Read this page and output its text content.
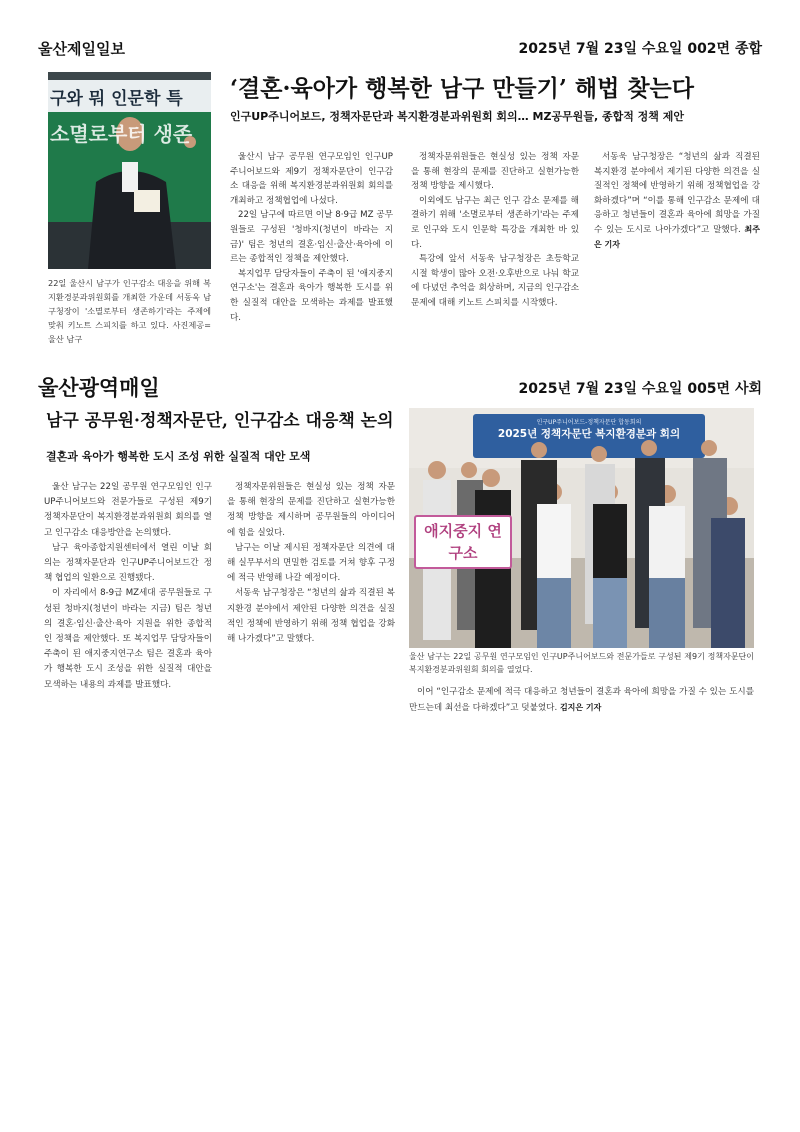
울산제일일보	2025년 7월 23일 수요일 002면 종합
구와 뭐 인문학 특
소멸로부터 생존
22일 울산시 남구가 인구감소 대응을 위해 복지환경분과위원회를 개최한 가운데 서동욱 남구청장이 '소멸로부터 생존하기'라는 주제에 맞춰 키노트 스피치를 하고 있다. 사진제공=울산 남구
‘결혼·육아가 행복한 남구 만들기’ 해법 찾는다
인구UP주니어보드, 정책자문단과 복지환경분과위원회 회의… MZ공무원들, 종합적 정책 제안

울산시 남구 공무원 연구모임인 인구UP주니어보드와 제9기 정책자문단이 인구감소 대응을 위해 복지환경분과위원회 회의를 개최하고 정책협업에 나섰다.

22일 남구에 따르면 이날 8·9급 MZ 공무원들로 구성된 '청바지(청년이 바라는 지금)' 팀은 청년의 결혼·임신·출산·육아에 이르는 종합적인 정책을 제안했다.

복지업무 담당자들이 주축이 된 '애지중지연구소'는 결혼과 육아가 행복한 도시를 위한 실질적 대안을 모색하는 과제를 발표했다.

정책자문위원들은 현실성 있는 정책 자문을 통해 현장의 문제를 진단하고 실현가능한 정책 방향을 제시했다.

이외에도 남구는 최근 인구 감소 문제를 해결하기 위해 '소멸로부터 생존하기'라는 주제로 인구와 도시 인문학 특강을 개최한 바 있다.

특강에 앞서 서동욱 남구청장은 초등학교 시절 학생이 많아 오전·오후반으로 나눠 학교에 다녔던 추억을 회상하며, 지금의 인구감소 문제에 대해 키노트 스피치를 시작했다.

서동욱 남구청장은 “청년의 삶과 직결된 복지환경 분야에서 제기된 다양한 의견을 실질적인 정책에 반영하기 위해 정책협업을 강화하겠다”며 “이를 통해 인구감소 문제에 대응하고 청년들이 결혼과 육아에 희망을 가질 수 있는 도시로 나아가겠다”고 말했다. 최주은 기자

울산광역매일	2025년 7월 23일 수요일 005면 사회
남구 공무원·정책자문단, 인구감소 대응책 논의
결혼과 육아가 행복한 도시 조성 위한 실질적 대안 모색

울산 남구는 22일 공무원 연구모임인 인구UP주니어보드와 전문가들로 구성된 제9기 정책자문단이 복지환경분과위원회 회의를 열고 인구감소 대응방안을 논의했다.

남구 육아종합지원센터에서 열린 이날 회의는 정책자문단과 인구UP주니어보드간 정책 협업의 일환으로 진행됐다.

이 자리에서 8-9급 MZ세대 공무원들로 구성된 청바지(청년이 바라는 지금) 팀은 청년의 결혼·임신·출산·육아 지원을 위한 종합적인 정책을 제안했다. 또 복지업무 담당자들이 주축이 된 애지중지연구소 팀은 결혼과 육아가 행복한 도시 조성을 위한 실질적 대안을 모색하는 내용의 과제를 발표했다.

정책자문위원들은 현실성 있는 정책 자문을 통해 현장의 문제를 진단하고 실현가능한 정책 방향을 제시하며 공무원들의 아이디어에 힘을 실었다.

남구는 이날 제시된 정책자문단 의견에 대해 실무부서의 면밀한 검토를 거쳐 향후 구정에 적극 반영해 나갈 예정이다.

서동욱 남구청장은 “청년의 삶과 직결된 복지환경 분야에서 제안된 다양한 의견을 실질적인 정책에 반영하기 위해 정책 협업을 강화해 나가겠다”고 말했다.

인구UP주니어보드-정책자문단 합동회의
2025년 정책자문단 복지환경분과 회의
애지중지 연구소
울산 남구는 22일 공무원 연구모임인 인구UP주니어보드와 전문가들로 구성된 제9기 정책자문단이 복지환경분과위원회 회의를 열었다.

이어 “인구감소 문제에 적극 대응하고 청년들이 결혼과 육아에 희망을 가질 수 있는 도시를 만드는데 최선을 다하겠다”고 덧붙였다. 김지은 기자
